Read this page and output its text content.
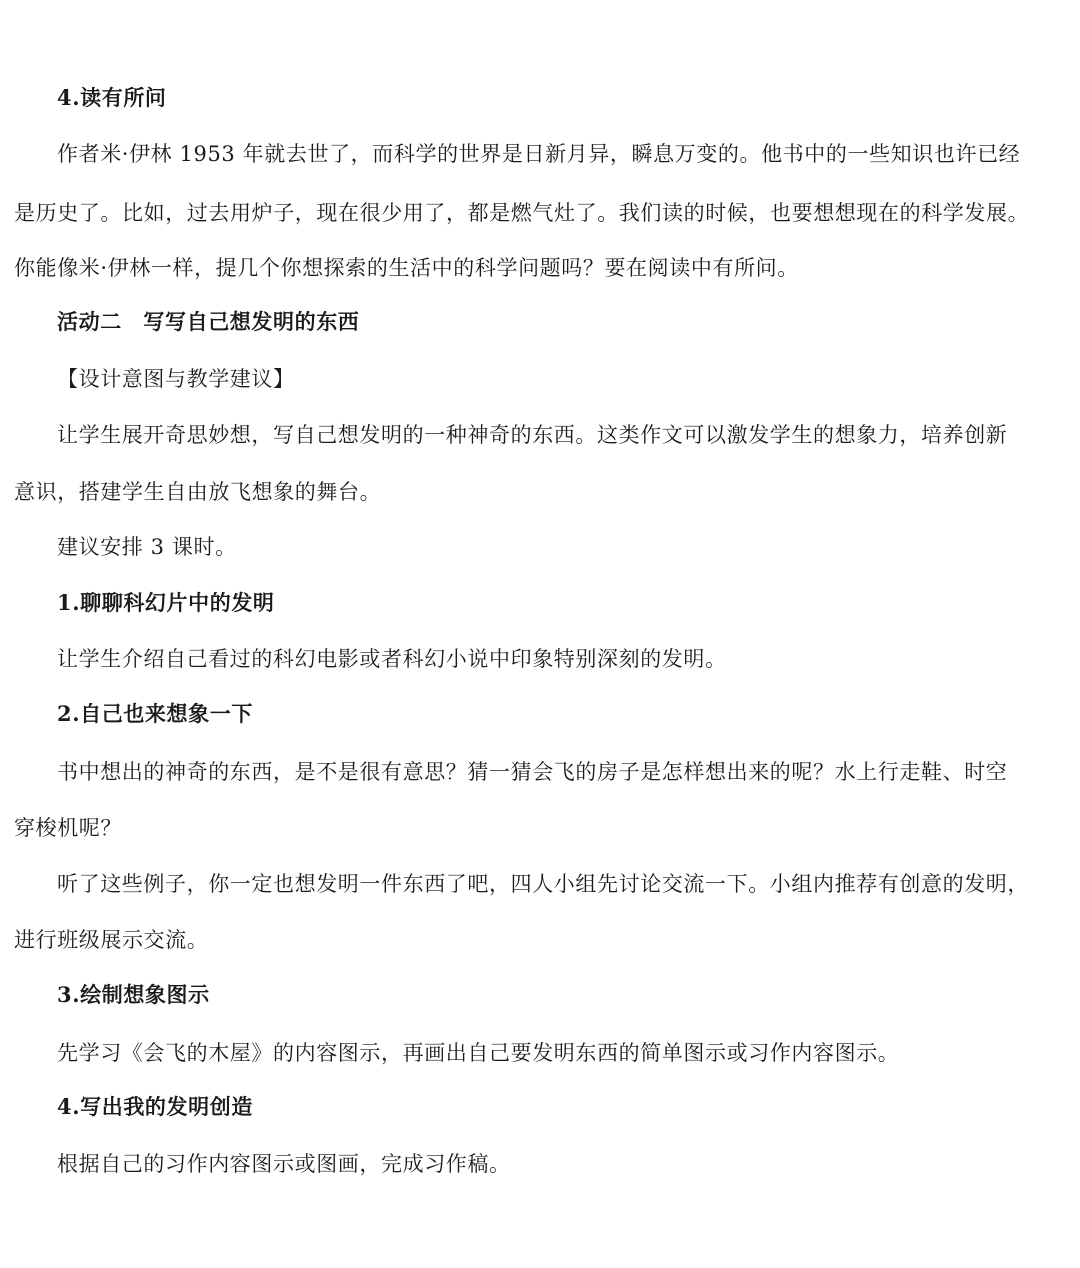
4.读有所问
作者米·伊林 1953 年就去世了，而科学的世界是日新月异，瞬息万变的。他书中的一些知识也许已经
是历史了。比如，过去用炉子，现在很少用了，都是燃气灶了。我们读的时候，也要想想现在的科学发展。
你能像米·伊林一样，提几个你想探索的生活中的科学问题吗？要在阅读中有所问。
活动二　写写自己想发明的东西
【设计意图与教学建议】
让学生展开奇思妙想，写自己想发明的一种神奇的东西。这类作文可以激发学生的想象力，培养创新
意识，搭建学生自由放飞想象的舞台。
建议安排 3 课时。
1.聊聊科幻片中的发明
让学生介绍自己看过的科幻电影或者科幻小说中印象特别深刻的发明。
2.自己也来想象一下
书中想出的神奇的东西，是不是很有意思？猜一猜会飞的房子是怎样想出来的呢？水上行走鞋、时空
穿梭机呢？
听了这些例子，你一定也想发明一件东西了吧，四人小组先讨论交流一下。小组内推荐有创意的发明，
进行班级展示交流。
3.绘制想象图示
先学习《会飞的木屋》的内容图示，再画出自己要发明东西的简单图示或习作内容图示。
4.写出我的发明创造
根据自己的习作内容图示或图画，完成习作稿。
